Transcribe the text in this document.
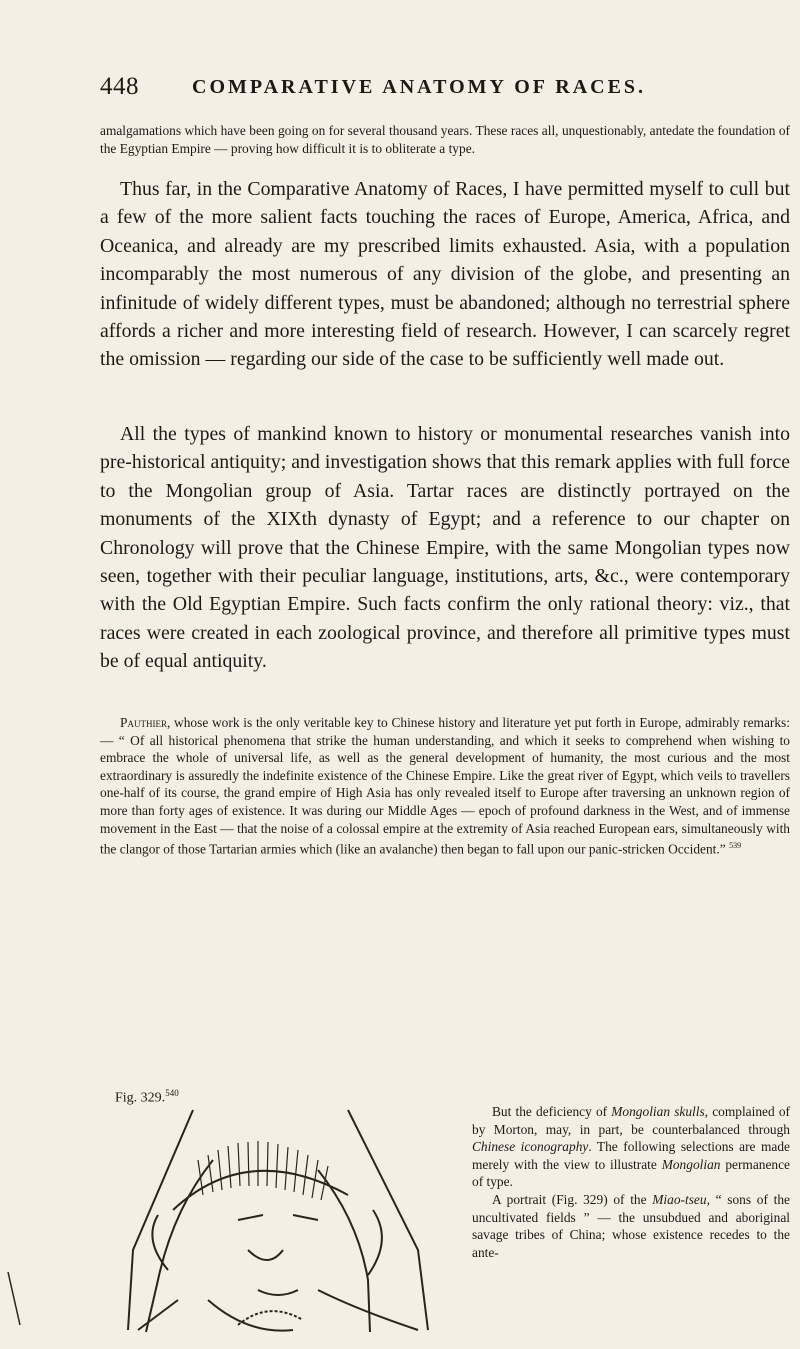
448	COMPARATIVE ANATOMY OF RACES.

amalgamations which have been going on for several thousand years. These races all, unquestionably, antedate the foundation of the Egyptian Empire — proving how difficult it is to obliterate a type.

Thus far, in the Comparative Anatomy of Races, I have permitted myself to cull but a few of the more salient facts touching the races of Europe, America, Africa, and Oceanica, and already are my prescribed limits exhausted. Asia, with a population incomparably the most numerous of any division of the globe, and presenting an infinitude of widely different types, must be abandoned; although no terrestrial sphere affords a richer and more interesting field of research. However, I can scarcely regret the omission — regarding our side of the case to be sufficiently well made out.

All the types of mankind known to history or monumental researches vanish into pre-historical antiquity; and investigation shows that this remark applies with full force to the Mongolian group of Asia. Tartar races are distinctly portrayed on the monuments of the XIXth dynasty of Egypt; and a reference to our chapter on Chronology will prove that the Chinese Empire, with the same Mongolian types now seen, together with their peculiar language, institutions, arts, &c., were contemporary with the Old Egyptian Empire. Such facts confirm the only rational theory: viz., that races were created in each zoological province, and therefore all primitive types must be of equal antiquity.

Pauthier, whose work is the only veritable key to Chinese history and literature yet put forth in Europe, admirably remarks: — “ Of all historical phenomena that strike the human understanding, and which it seeks to comprehend when wishing to embrace the whole of universal life, as well as the general development of humanity, the most curious and the most extraordinary is assuredly the indefinite existence of the Chinese Empire. Like the great river of Egypt, which veils to travellers one-half of its course, the grand empire of High Asia has only revealed itself to Europe after traversing an unknown region of more than forty ages of existence. It was during our Middle Ages — epoch of profound darkness in the West, and of immense movement in the East — that the noise of a colossal empire at the extremity of Asia reached European ears, simultaneously with the clangor of those Tartarian armies which (like an avalanche) then began to fall upon our panic-stricken Occident.” $^{539}$

Fig. 329.$^{540}$

But the deficiency of Mongolian skulls, complained of by Morton, may, in part, be counterbalanced through Chinese iconography. The following selections are made merely with the view to illustrate Mongolian permanence of type.

A portrait (Fig. 329) of the Miao-tseu, “ sons of the uncultivated fields ” — the unsubdued and aboriginal savage tribes of China; whose existence recedes to the ante-
